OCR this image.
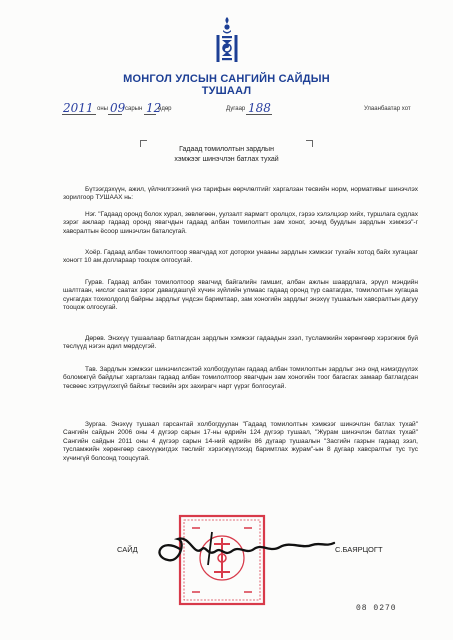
МОНГОЛ УЛСЫН САНГИЙН САЙДЫН
ТУШААЛ
2011 оны 09 сарын 12
өдөр	Дугаар 188	Улаанбаатар хот
Гадаад томилолтын зардлын
хэмжээг шинэчлэн батлах тухай

Бүтээгдэхүүн, ажил, үйлчилгээний үнэ тарифын өөрчлөлтийг харгалзан төсвийн норм, нормативыг шинэчлэх зорилгоор ТУШААХ нь:

Нэг. "Гадаад оронд болох хурал, зөвлөгөөн, уулзалт яармагт оролцох, гэрээ хэлэлцээр хийх, туршлага судлах зэрэг ажлаар гадаад оронд явагчдын гадаад албан томилолтын зам хоног, зочид буудлын зардлын хэмжээ"-г хавсралтын ёсоор шинэчлэн баталсугай.

Хоёр. Гадаад албан томилолтоор явагчдад хот доторхи унааны зардлын хэмжээг тухайн хотод байх хугацааг хоногт 10 ам.доллараар тооцож олгосугай.

Гурав. Гадаад албан томилолтоор явагчид байгалийн гамшиг, албан ажлын шаардлага, эрүүл мэндийн шалтгаан, нислэг саатах зэрэг давагдашгүй хүчин зүйлийн улмаас гадаад оронд түр саатагдах, томилолтын хугацаа сунгагдах тохиолдолд байрны зардлыг үндсэн баримтаар, зам хоногийн зардлыг энэхүү тушаалын хавсралтын дагуу тооцож олгосугай.

Дөрөв. Энэхүү тушаалаар батлагдсан зардлын хэмжээг гадаадын зээл, тусламжийн хөрөнгөөр хэрэгжиж буй төслүүд нэгэн адил мөрдсүгэй.

Тав. Зардлын хэмжээг шинэчилсэнтэй холбогдуулан гадаад албан томилолтын зардлыг энэ онд нэмэгдүүлэх боломжгүй байдлыг харгалзан гадаад албан томилолтоор явагчдын зам хоногийн тоог багасгах замаар батлагдсан төсвөөс хэтрүүлэхгүй байхыг төсвийн эрх захирагч нарт үүрэг болгосугай.

Зургаа. Энэхүү тушаал гарсантай холбогдуулан "Гадаад томилолтын хэмжээг шинэчлэн батлах тухай" Сангийн сайдын 2006 оны 4 дүгээр сарын 17-ны өдрийн 124 дүгээр тушаал, "Журам шинэчлэн батлах тухай" Сангийн сайдын 2011 оны 4 дүгээр сарын 14-ний өдрийн 86 дүгаар тушаалын "Засгийн газрын гадаад зээл, тусламжийн хөрөнгөөр санхүүжигдэх төслийг хэрэгжүүлэхэд баримтлах журам"-ын 8 дугаар хавсралтыг тус тус хүчингүй болсонд тооцсугай.

САЙД	С.БАЯРЦОГТ
08 0270
